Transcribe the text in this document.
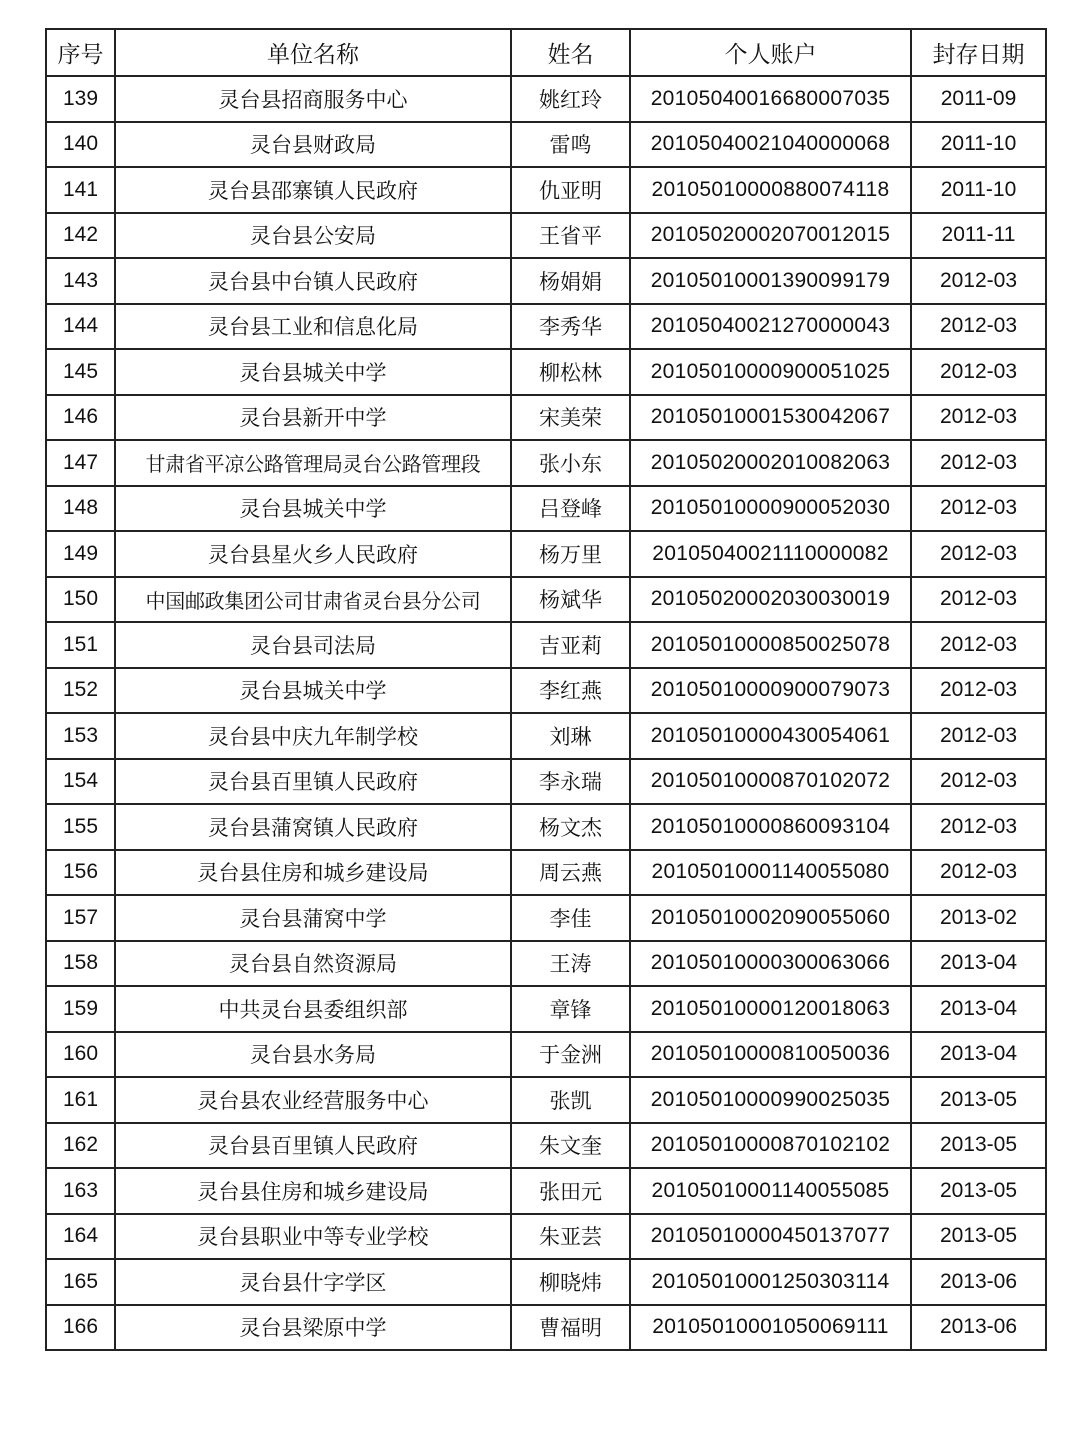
序号	单位名称	姓名	个人账户	封存日期
139	灵台县招商服务中心	姚红玲	20105040016680007035	2011-09
140	灵台县财政局	雷鸣	20105040021040000068	2011-10
141	灵台县邵寨镇人民政府	仇亚明	20105010000880074118	2011-10
142	灵台县公安局	王省平	20105020002070012015	2011-11
143	灵台县中台镇人民政府	杨娟娟	20105010001390099179	2012-03
144	灵台县工业和信息化局	李秀华	20105040021270000043	2012-03
145	灵台县城关中学	柳松林	20105010000900051025	2012-03
146	灵台县新开中学	宋美荣	20105010001530042067	2012-03
147	甘肃省平凉公路管理局灵台公路管理段	张小东	20105020002010082063	2012-03
148	灵台县城关中学	吕登峰	20105010000900052030	2012-03
149	灵台县星火乡人民政府	杨万里	20105040021110000082	2012-03
150	中国邮政集团公司甘肃省灵台县分公司	杨斌华	20105020002030030019	2012-03
151	灵台县司法局	吉亚莉	20105010000850025078	2012-03
152	灵台县城关中学	李红燕	20105010000900079073	2012-03
153	灵台县中庆九年制学校	刘琳	20105010000430054061	2012-03
154	灵台县百里镇人民政府	李永瑞	20105010000870102072	2012-03
155	灵台县蒲窝镇人民政府	杨文杰	20105010000860093104	2012-03
156	灵台县住房和城乡建设局	周云燕	20105010001140055080	2012-03
157	灵台县蒲窝中学	李佳	20105010002090055060	2013-02
158	灵台县自然资源局	王涛	20105010000300063066	2013-04
159	中共灵台县委组织部	章锋	20105010000120018063	2013-04
160	灵台县水务局	于金洲	20105010000810050036	2013-04
161	灵台县农业经营服务中心	张凯	20105010000990025035	2013-05
162	灵台县百里镇人民政府	朱文奎	20105010000870102102	2013-05
163	灵台县住房和城乡建设局	张田元	20105010001140055085	2013-05
164	灵台县职业中等专业学校	朱亚芸	20105010000450137077	2013-05
165	灵台县什字学区	柳晓炜	20105010001250303114	2013-06
166	灵台县梁原中学	曹福明	20105010001050069111	2013-06
